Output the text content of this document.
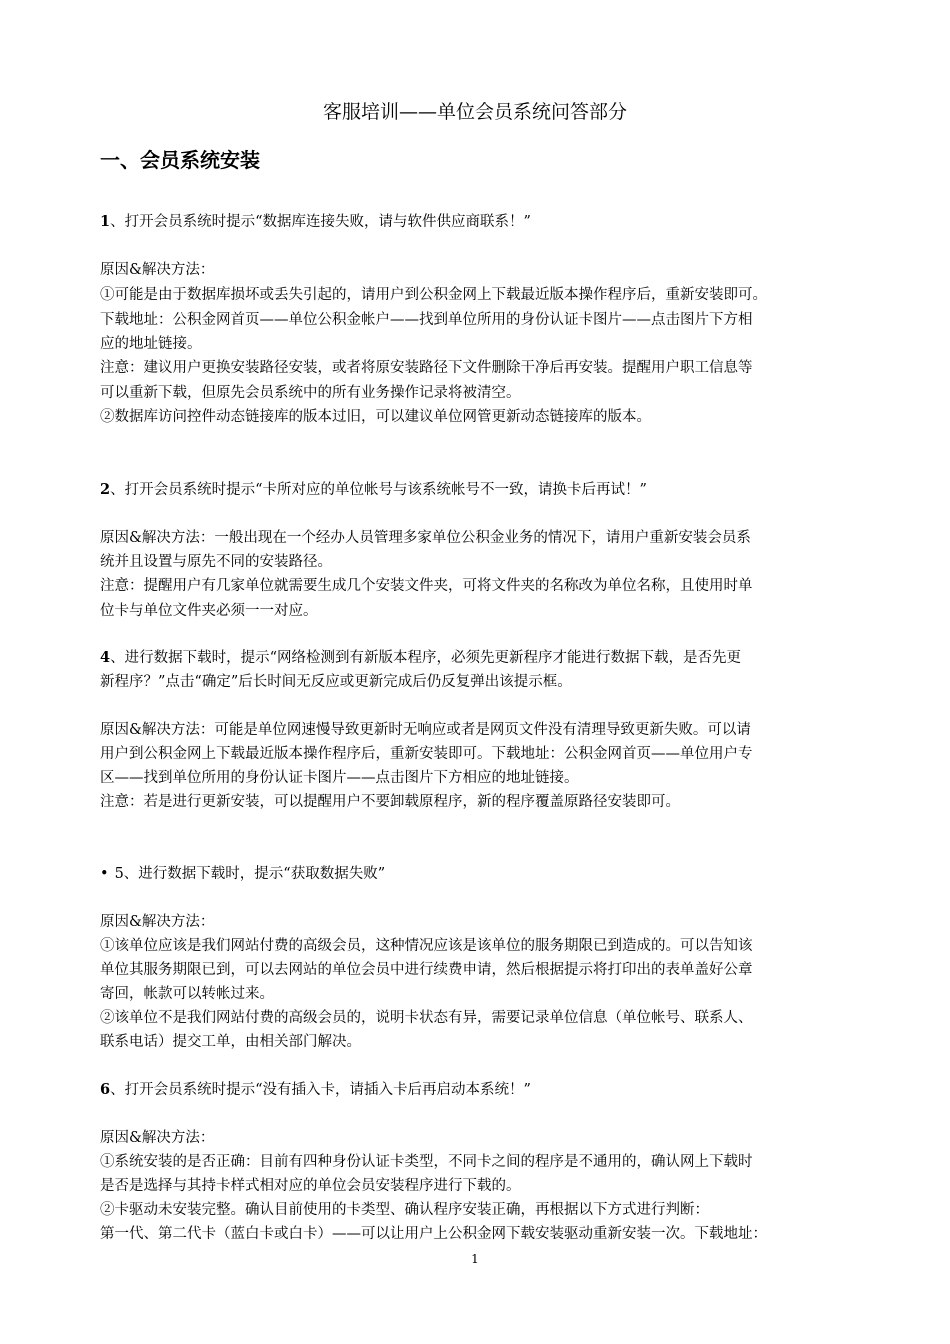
客服培训——单位会员系统问答部分
一、会员系统安装
1、打开会员系统时提示“数据库连接失败，请与软件供应商联系！”
原因&解决方法：
①可能是由于数据库损坏或丢失引起的，请用户到公积金网上下载最近版本操作程序后，重新安装即可。
下载地址：公积金网首页——单位公积金帐户——找到单位所用的身份认证卡图片——点击图片下方相
应的地址链接。
注意：建议用户更换安装路径安装，或者将原安装路径下文件删除干净后再安装。提醒用户职工信息等
可以重新下载，但原先会员系统中的所有业务操作记录将被清空。
②数据库访问控件动态链接库的版本过旧，可以建议单位网管更新动态链接库的版本。
2、打开会员系统时提示“卡所对应的单位帐号与该系统帐号不一致，请换卡后再试！”
原因&解决方法：一般出现在一个经办人员管理多家单位公积金业务的情况下，请用户重新安装会员系
统并且设置与原先不同的安装路径。
注意：提醒用户有几家单位就需要生成几个安装文件夹，可将文件夹的名称改为单位名称，且使用时单
位卡与单位文件夹必须一一对应。
4、进行数据下载时，提示“网络检测到有新版本程序，必须先更新程序才能进行数据下载，是否先更
新程序？”点击“确定”后长时间无反应或更新完成后仍反复弹出该提示框。
原因&解决方法：可能是单位网速慢导致更新时无响应或者是网页文件没有清理导致更新失败。可以请
用户到公积金网上下载最近版本操作程序后，重新安装即可。下载地址：公积金网首页——单位用户专
区——找到单位所用的身份认证卡图片——点击图片下方相应的地址链接。
注意：若是进行更新安装，可以提醒用户不要卸载原程序，新的程序覆盖原路径安装即可。
• 5、进行数据下载时，提示“获取数据失败”
原因&解决方法：
①该单位应该是我们网站付费的高级会员，这种情况应该是该单位的服务期限已到造成的。可以告知该
单位其服务期限已到，可以去网站的单位会员中进行续费申请，然后根据提示将打印出的表单盖好公章
寄回，帐款可以转帐过来。
②该单位不是我们网站付费的高级会员的，说明卡状态有异，需要记录单位信息（单位帐号、联系人、
联系电话）提交工单，由相关部门解决。
6、打开会员系统时提示“没有插入卡，请插入卡后再启动本系统！”
原因&解决方法：
①系统安装的是否正确：目前有四种身份认证卡类型，不同卡之间的程序是不通用的，确认网上下载时
是否是选择与其持卡样式相对应的单位会员安装程序进行下载的。
②卡驱动未安装完整。确认目前使用的卡类型、确认程序安装正确，再根据以下方式进行判断：
第一代、第二代卡（蓝白卡或白卡）——可以让用户上公积金网下载安装驱动重新安装一次。下载地址：
1
